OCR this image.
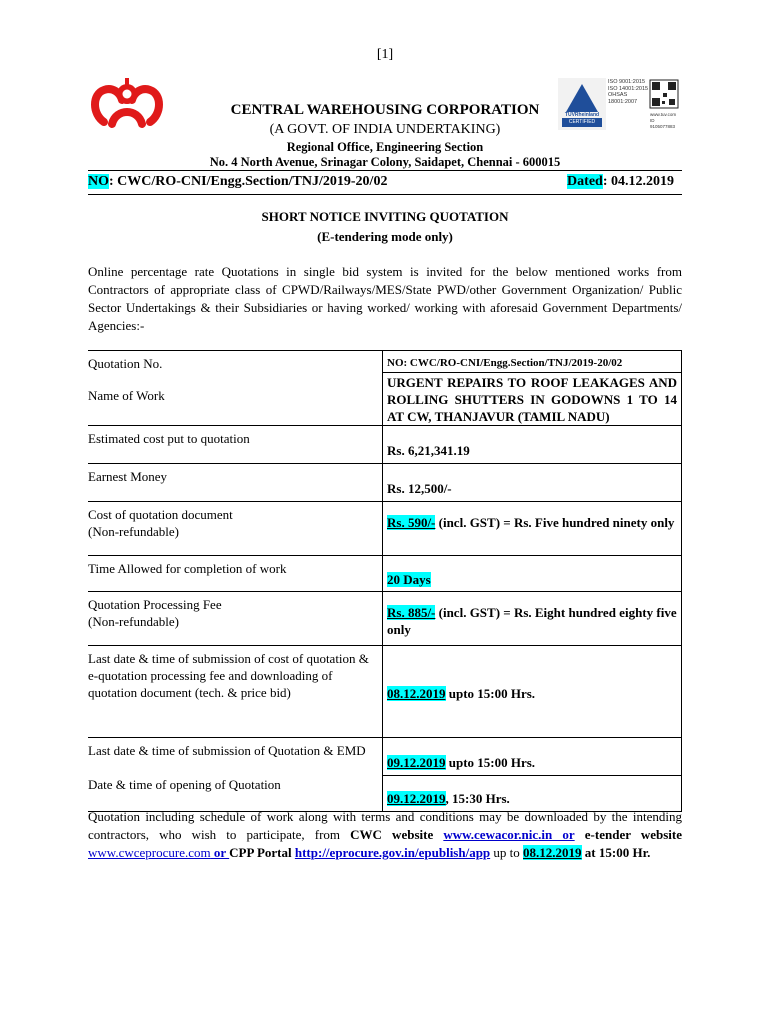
[1]
ISO 9001:2015
ISO 14001:2015
OHSAS
18001:2007
TÜVRheinland
CERTIFIED
www.tuv.com
ID 9105077883
CENTRAL WAREHOUSING CORPORATION
(A GOVT. OF INDIA UNDERTAKING)
Regional Office, Engineering Section
No. 4 North Avenue, Srinagar Colony, Saidapet, Chennai - 600015
NO: CWC/RO-CNI/Engg.Section/TNJ/2019-20/02	Dated: 04.12.2019
SHORT NOTICE INVITING QUOTATION
(E-tendering mode only)
Online percentage rate Quotations in single bid system is invited for the below mentioned works from Contractors of appropriate class of CPWD/Railways/MES/State PWD/other Government Organization/ Public Sector Undertakings & their Subsidiaries or having worked/ working with aforesaid Government Departments/ Agencies:-
Quotation No.	NO: CWC/RO-CNI/Engg.Section/TNJ/2019-20/02
Name of Work	URGENT REPAIRS TO ROOF LEAKAGES AND ROLLING SHUTTERS IN GODOWNS 1 TO 14 AT CW, THANJAVUR (TAMIL NADU)
Estimated cost put to quotation	Rs. 6,21,341.19
Earnest Money	Rs. 12,500/-

Cost of quotation document
(Non-refundable)	Rs. 590/- (incl. GST) = Rs. Five hundred ninety only
Time Allowed for completion of work	20 Days

Quotation Processing Fee
(Non-refundable)	Rs. 885/- (incl. GST) = Rs. Eight hundred eighty five only
Last date & time of submission of cost of quotation & e-quotation processing fee and downloading of quotation document (tech. & price bid)	08.12.2019 upto 15:00 Hrs.
Last date & time of submission of Quotation & EMD	09.12.2019 upto 15:00 Hrs.
Date & time of opening of Quotation	09.12.2019, 15:30 Hrs.
Quotation including schedule of work along with terms and conditions may be downloaded by the intending contractors, who wish to participate, from CWC website www.cewacor.nic.in or e-tender website www.cwceprocure.com or CPP Portal http://eprocure.gov.in/epublish/app up to 08.12.2019 at 15:00 Hr.
